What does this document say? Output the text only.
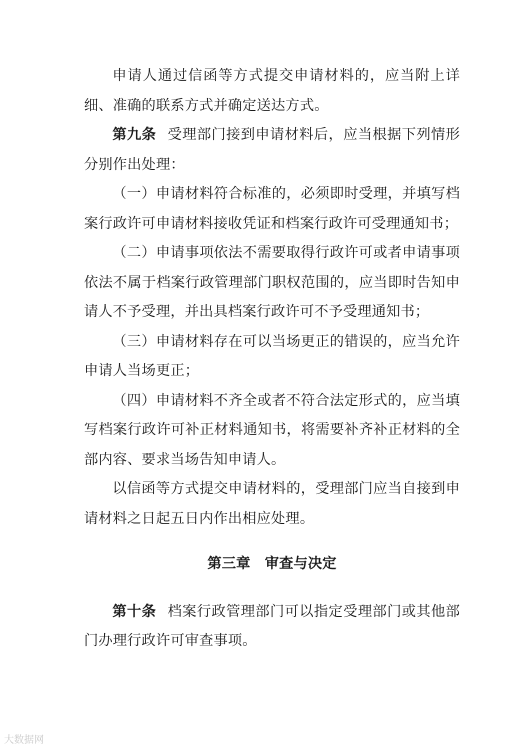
申请人通过信函等方式提交申请材料的，应当附上详细、准确的联系方式并确定送达方式。

第九条 受理部门接到申请材料后，应当根据下列情形分别作出处理：

（一）申请材料符合标准的，必须即时受理，并填写档案行政许可申请材料接收凭证和档案行政许可受理通知书；

（二）申请事项依法不需要取得行政许可或者申请事项依法不属于档案行政管理部门职权范围的，应当即时告知申请人不予受理，并出具档案行政许可不予受理通知书；

（三）申请材料存在可以当场更正的错误的，应当允许申请人当场更正；

（四）申请材料不齐全或者不符合法定形式的，应当填写档案行政许可补正材料通知书，将需要补齐补正材料的全部内容、要求当场告知申请人。

以信函等方式提交申请材料的，受理部门应当自接到申请材料之日起五日内作出相应处理。

第三章 审查与决定

第十条 档案行政管理部门可以指定受理部门或其他部门办理行政许可审查事项。

大数据网
